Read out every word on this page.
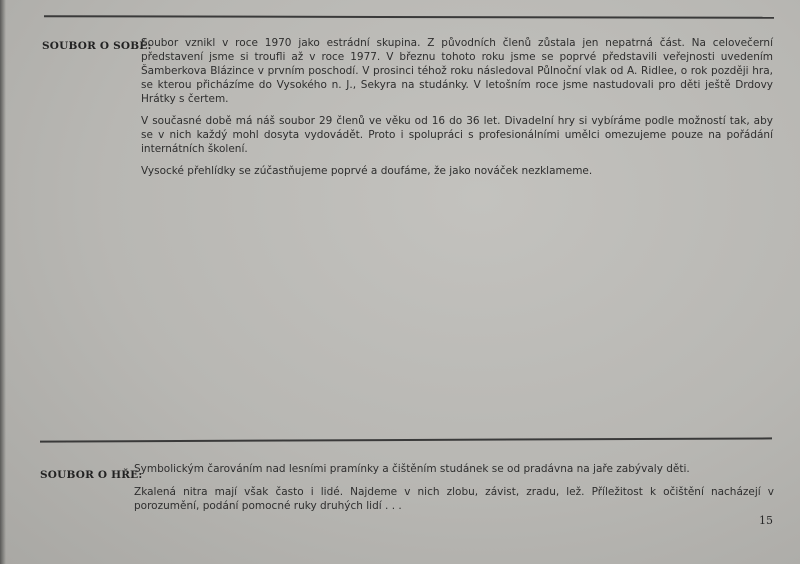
SOUBOR O SOBĚ:

Soubor vznikl v roce 1970 jako estrádní skupina. Z původních členů zůstala jen nepatrná část. Na celovečerní představení jsme si troufli až v roce 1977. V březnu tohoto roku jsme se poprvé představili veřejnosti uvedením Šamberkova Blázince v prvním poschodí. V prosinci téhož roku následoval Půlnoční vlak od A. Ridlee, o rok později hra, se kterou přicházíme do Vysokého n. J., Sekyra na studánky. V letošním roce jsme nastudovali pro děti ještě Drdovy Hrátky s čertem.

V současné době má náš soubor 29 členů ve věku od 16 do 36 let. Divadelní hry si vybíráme podle možností tak, aby se v nich každý mohl dosyta vydovádět. Proto i spolupráci s profesionálními umělci omezujeme pouze na pořádání internátních školení.

Vysocké přehlídky se zúčastňujeme poprvé a doufáme, že jako nováček nezklameme.

SOUBOR O HŘE:

Symbolickým čarováním nad lesními pramínky a čištěním studánek se od pradávna na jaře zabývaly děti.

Zkalená nitra mají však často i lidé. Najdeme v nich zlobu, závist, zradu, lež. Příležitost k očištění nacházejí v porozumění, podání pomocné ruky druhých lidí . . .

15
